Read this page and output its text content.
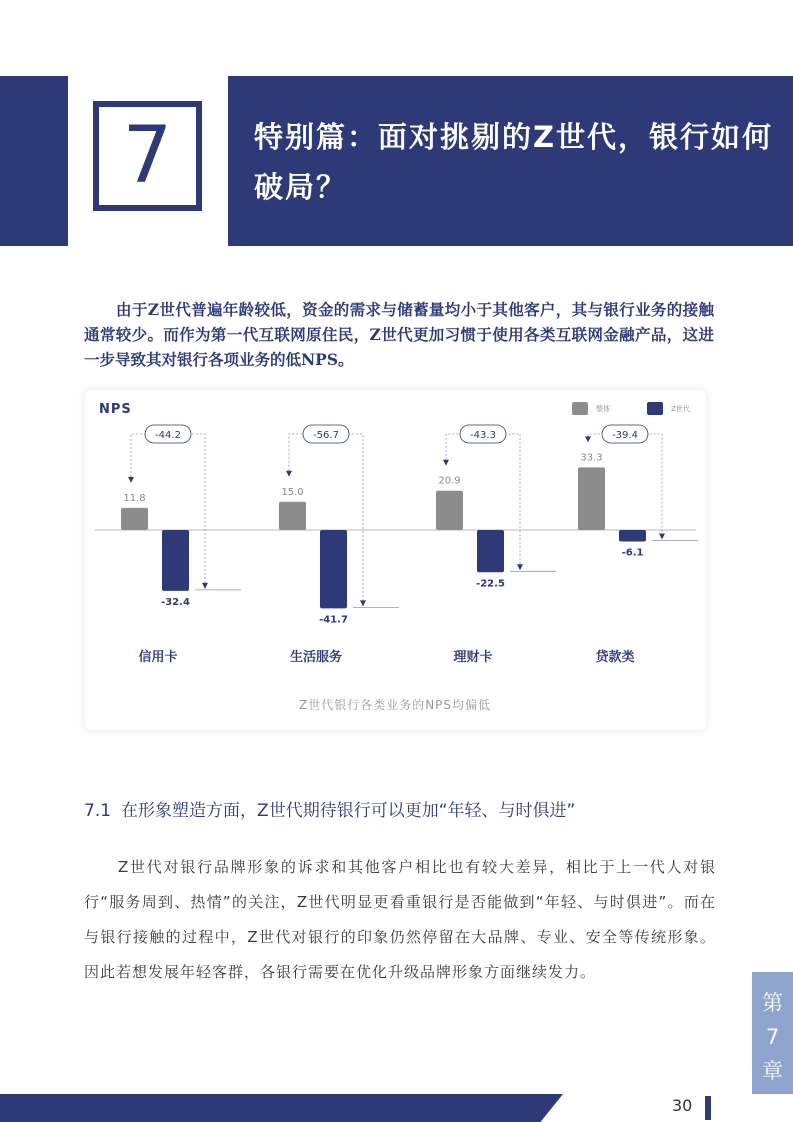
7	特别篇：面对挑剔的Z世代，银行如何破局？

由于Z世代普遍年龄较低，资金的需求与储蓄量均小于其他客户，其与银行业务的接触通常较少。而作为第一代互联网原住民，Z世代更加习惯于使用各类互联网金融产品，这进一步导致其对银行各项业务的低NPS。

NPS	整体	Z世代
11.8
-32.4
-44.2
信用卡
15.0
-41.7
-56.7
生活服务
20.9
-22.5
-43.3
理财卡
33.3
-6.1
-39.4
贷款类
Z世代银行各类业务的NPS均偏低
7.1 在形象塑造方面，Z世代期待银行可以更加“年轻、与时俱进”

Z世代对银行品牌形象的诉求和其他客户相比也有较大差异，相比于上一代人对银行“服务周到、热情”的关注，Z世代明显更看重银行是否能做到“年轻、与时俱进”。而在与银行接触的过程中，Z世代对银行的印象仍然停留在大品牌、专业、安全等传统形象。因此若想发展年轻客群，各银行需要在优化升级品牌形象方面继续发力。

第
7
章
30
